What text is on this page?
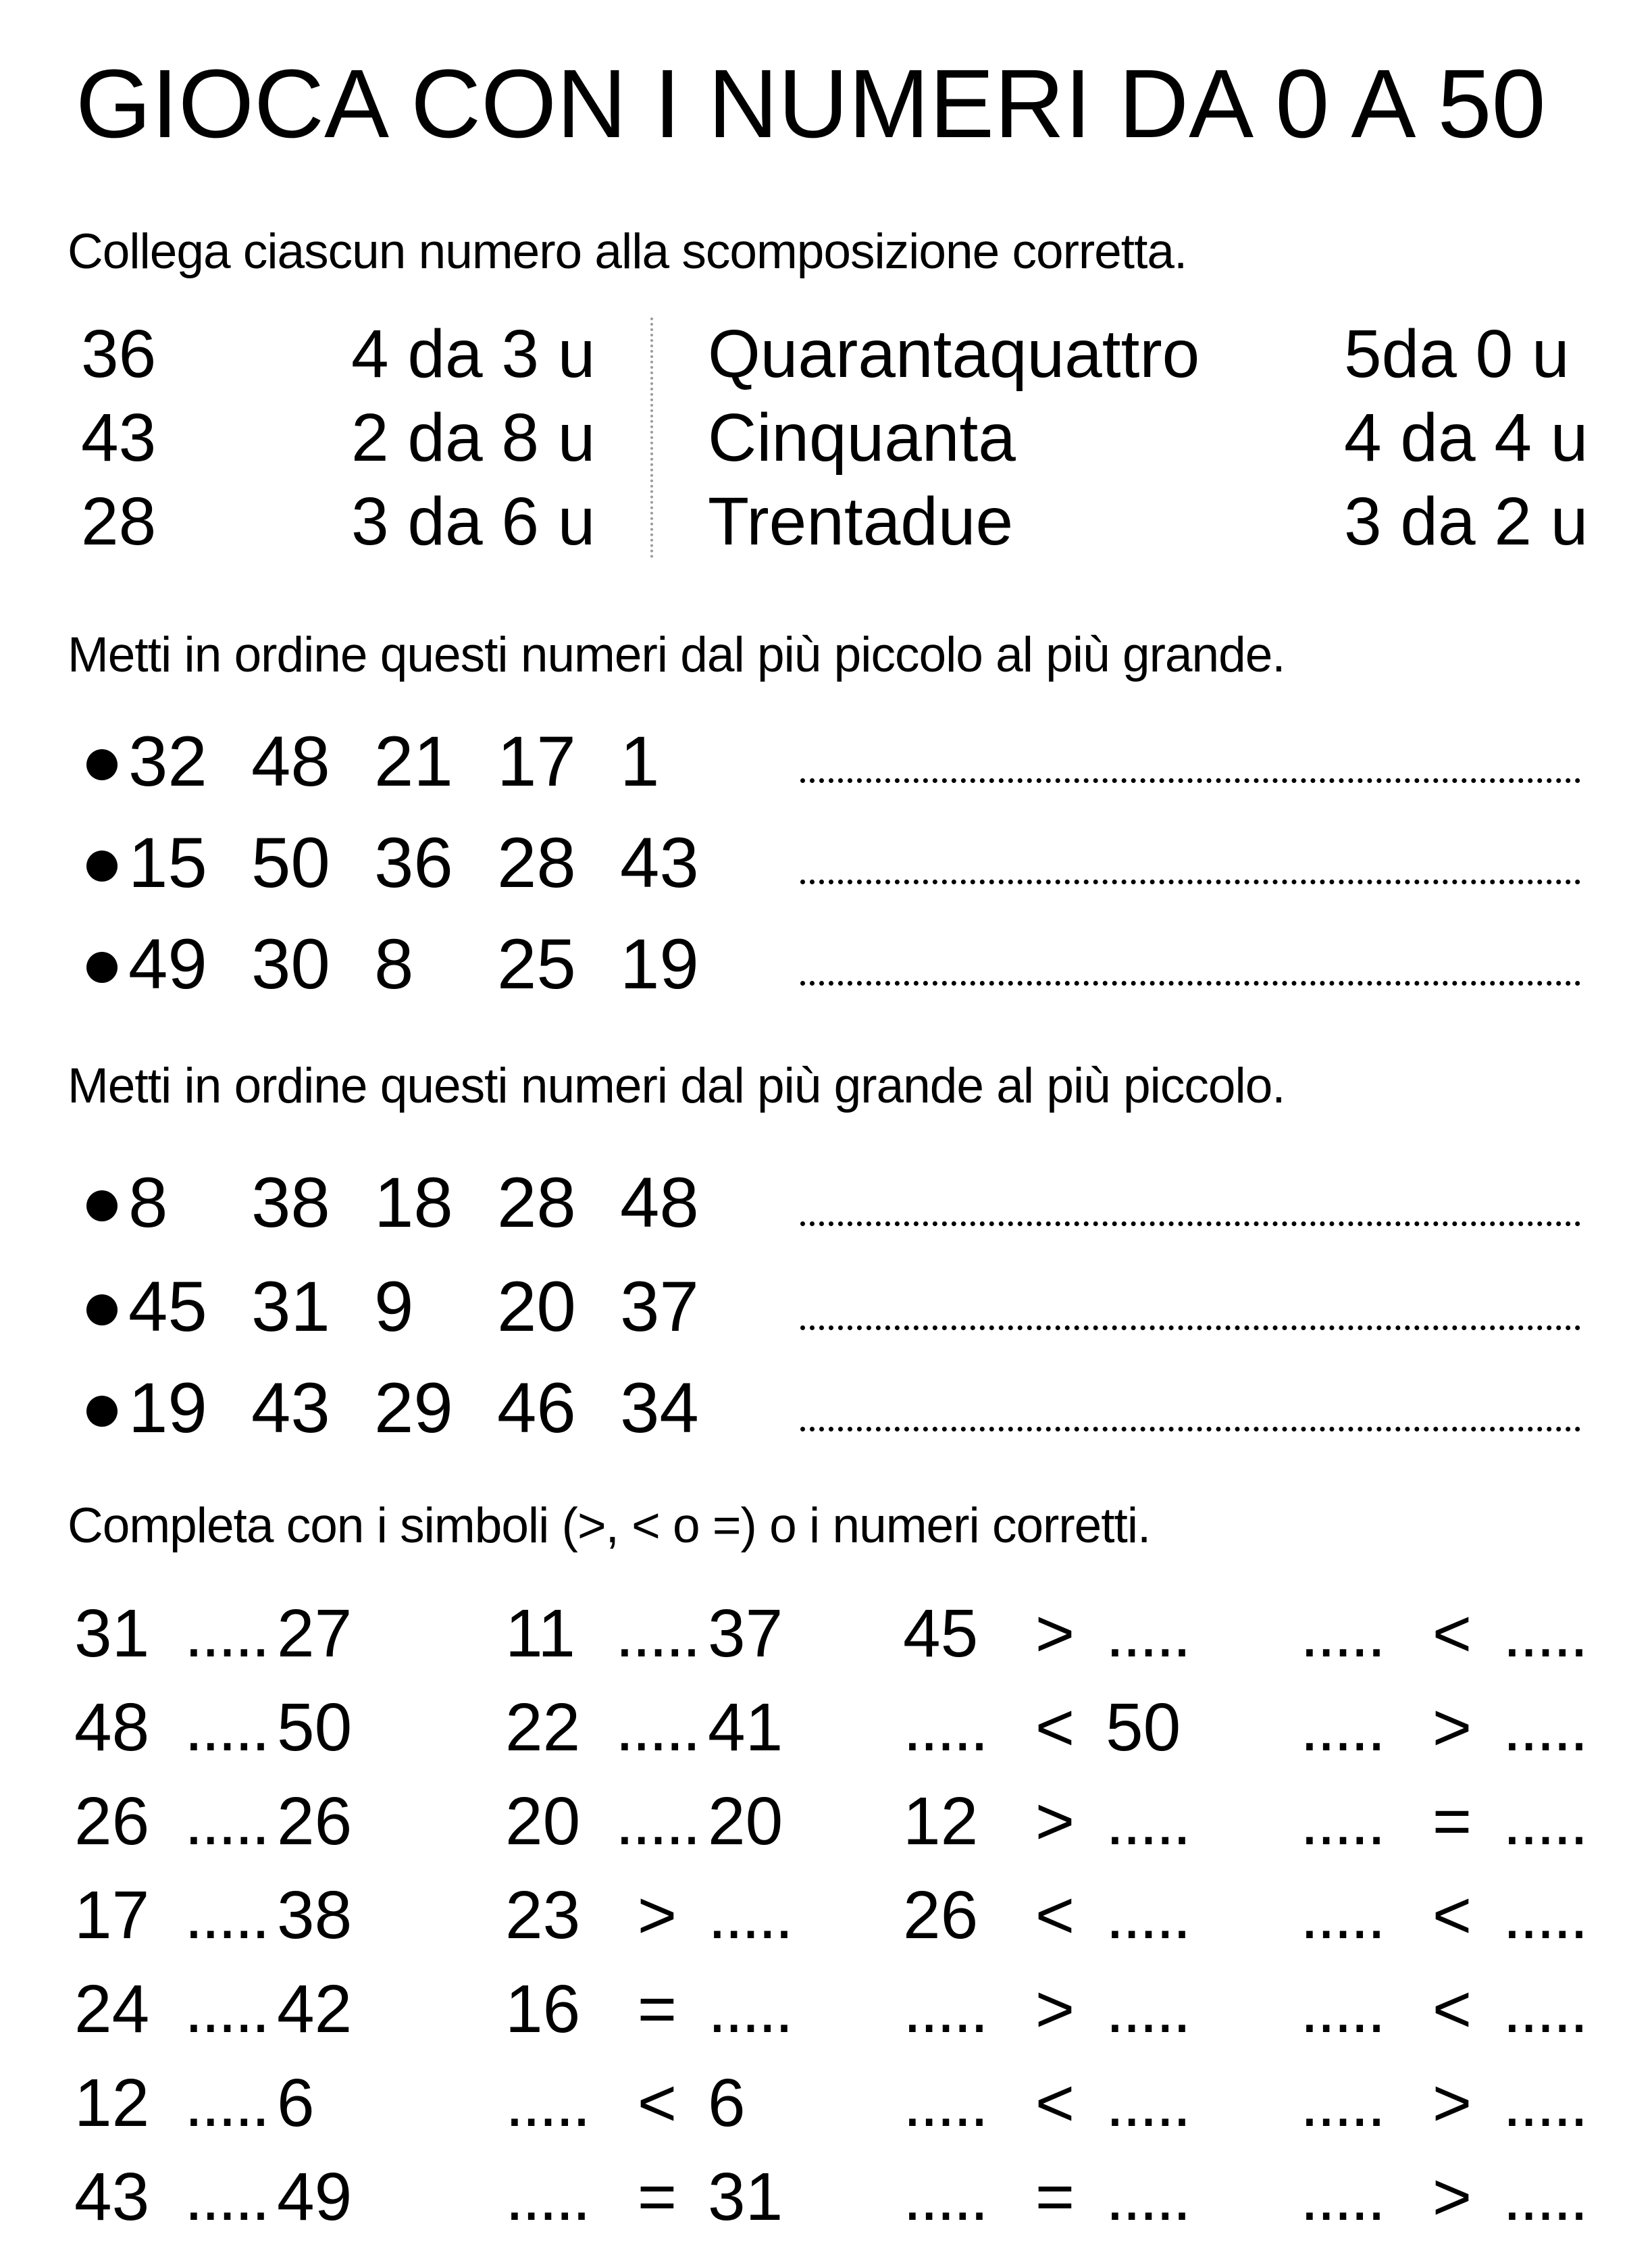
GIOCA CON I NUMERI DA 0 A 50
Collega ciascun numero alla scomposizione corretta.
36
43
28
4 da 3 u
2 da 8 u
3 da 6 u
Quarantaquattro
Cinquanta
Trentadue
5da 0 u
4 da 4 u
3 da 2 u
Metti in ordine questi numeri dal più piccolo al più grande.
32 48 21 17 1
15 50 36 28 43
49 30 8 25 19
Metti in ordine questi numeri dal più grande al più piccolo.
8 38 18 28 48
45 31 9 20 37
19 43 29 46 34
Completa con i simboli (>, < o =) o i numeri corretti.
31 ..... 27 11 ..... 37 45 > ..... ..... < .....
48 ..... 50 22 ..... 41 ..... < 50 ..... > .....
26 ..... 26 20 ..... 20 12 > ..... ..... = .....
17 ..... 38 23 > ..... 26 < ..... ..... < .....
24 ..... 42 16 = ..... ..... > ..... ..... < .....
12 ..... 6	..... < 6 ..... < ..... ..... > .....
43 ..... 49 ..... = 31 ..... = ..... ..... > .....
